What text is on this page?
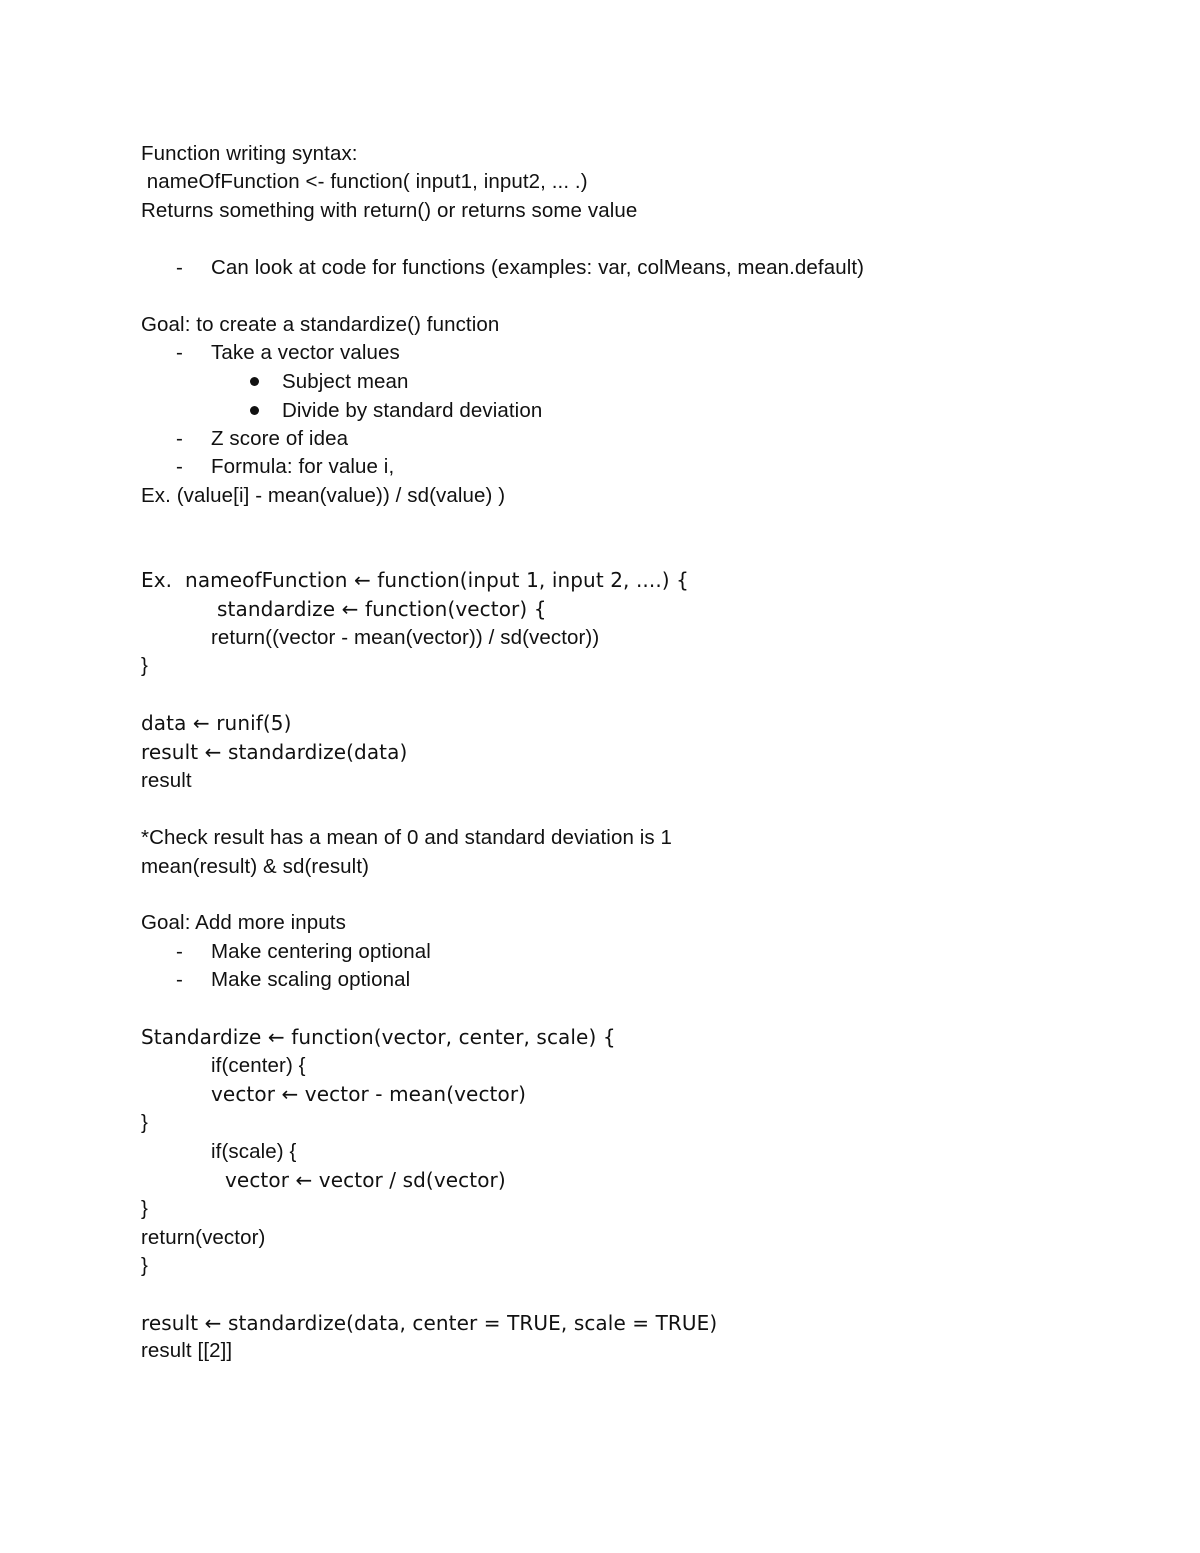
Function writing syntax:
nameOfFunction <- function( input1, input2, ... .)
Returns something with return() or returns some value
- Can look at code for functions (examples: var, colMeans, mean.default)
Goal: to create a standardize() function
- Take a vector values
Subject mean
Divide by standard deviation
- Z score of idea
- Formula: for value i,
Ex. (value[i] - mean(value)) / sd(value) )
Ex.  nameofFunction ← function(input 1, input 2, ....) {
standardize ← function(vector) {
return((vector - mean(vector)) / sd(vector))
}
data ← runif(5)
result ← standardize(data)
result
*Check result has a mean of 0 and standard deviation is 1
mean(result) & sd(result)
Goal: Add more inputs
- Make centering optional
- Make scaling optional
Standardize ← function(vector, center, scale) {
if(center) {
vector ← vector - mean(vector)
}
if(scale) {
vector ← vector / sd(vector)
}
return(vector)
}
result ← standardize(data, center = TRUE, scale = TRUE)
result [[2]]
